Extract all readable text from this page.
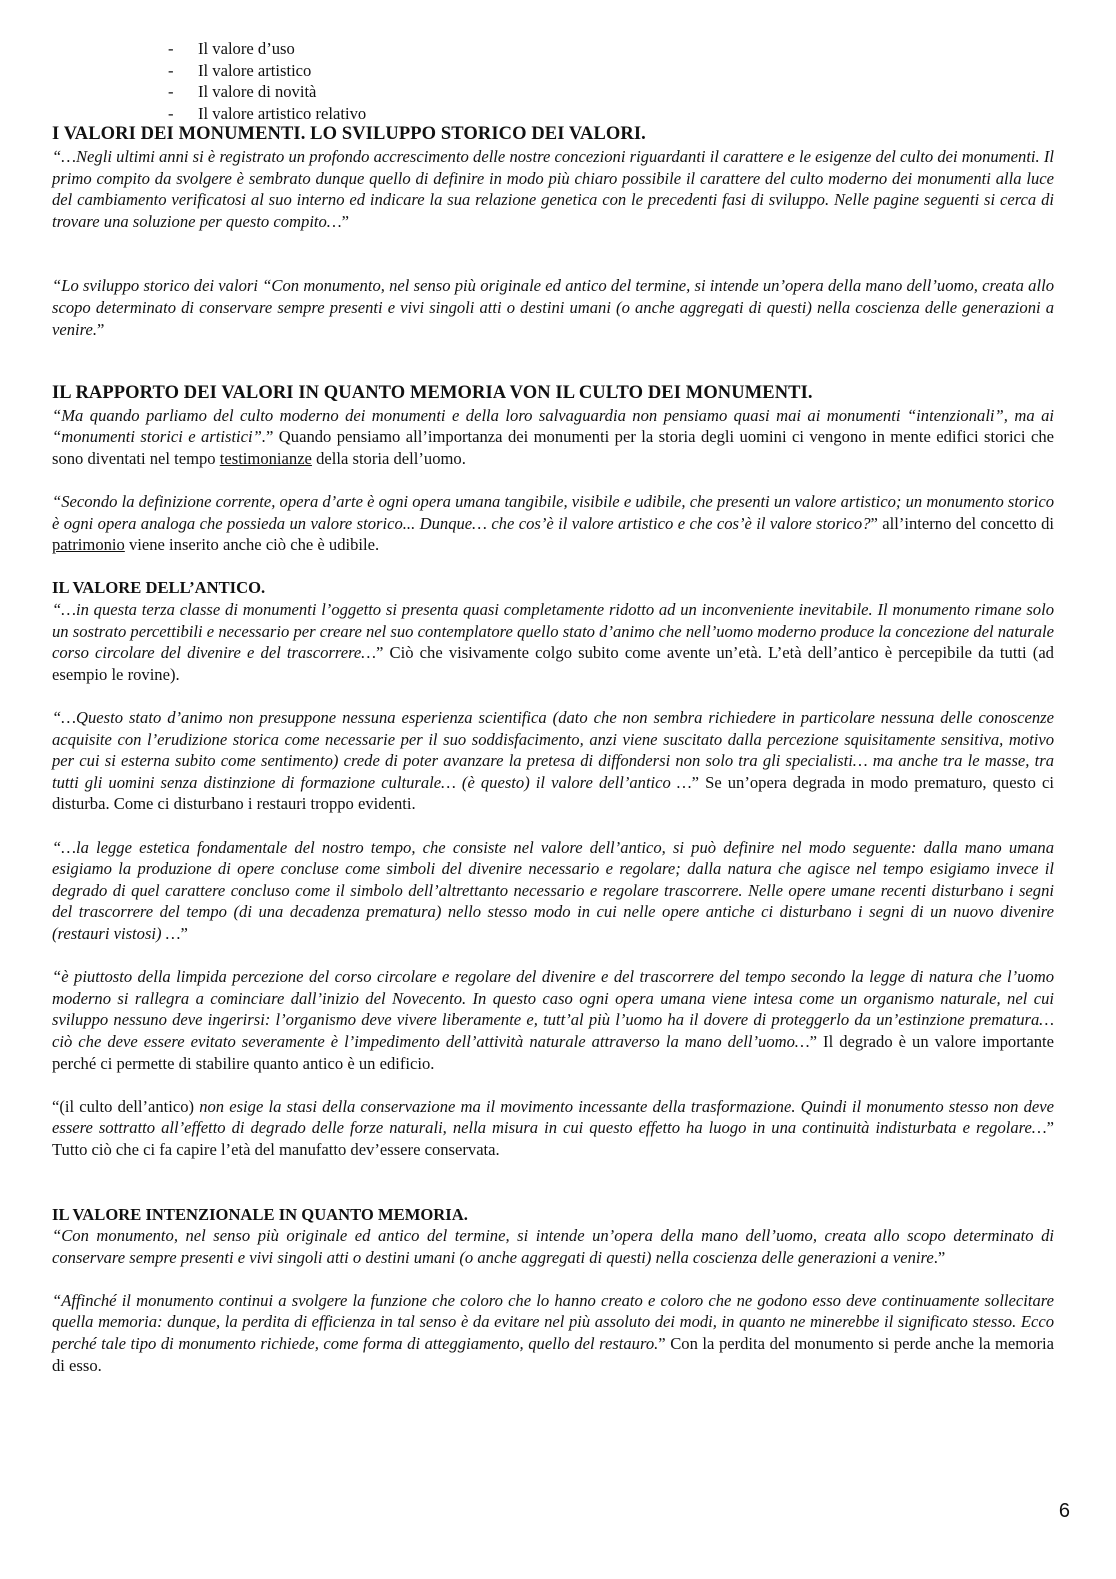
- Il valore d’uso
- Il valore artistico
- Il valore di novità
- Il valore artistico relativo
I VALORI DEI MONUMENTI. LO SVILUPPO STORICO DEI VALORI.

“…Negli ultimi anni si è registrato un profondo accrescimento delle nostre concezioni riguardanti il carattere e le esigenze del culto dei monumenti. Il primo compito da svolgere è sembrato dunque quello di definire in modo più chiaro possibile il carattere del culto moderno dei monumenti alla luce del cambiamento verificatosi al suo interno ed indicare la sua relazione genetica con le precedenti fasi di sviluppo. Nelle pagine seguenti si cerca di trovare una soluzione per questo compito…”

“Lo sviluppo storico dei valori “Con monumento, nel senso più originale ed antico del termine, si intende un’opera della mano dell’uomo, creata allo scopo determinato di conservare sempre presenti e vivi singoli atti o destini umani (o anche aggregati di questi) nella coscienza delle generazioni a venire.”

IL RAPPORTO DEI VALORI IN QUANTO MEMORIA VON IL CULTO DEI MONUMENTI.

“Ma quando parliamo del culto moderno dei monumenti e della loro salvaguardia non pensiamo quasi mai ai monumenti “intenzionali”, ma ai “monumenti storici e artistici”.” Quando pensiamo all’importanza dei monumenti per la storia degli uomini ci vengono in mente edifici storici che sono diventati nel tempo testimonianze della storia dell’uomo.

“Secondo la definizione corrente, opera d’arte è ogni opera umana tangibile, visibile e udibile, che presenti un valore artistico; un monumento storico è ogni opera analoga che possieda un valore storico... Dunque… che cos’è il valore artistico e che cos’è il valore storico?” all’interno del concetto di patrimonio viene inserito anche ciò che è udibile.

IL VALORE DELL’ANTICO.

“…in questa terza classe di monumenti l’oggetto si presenta quasi completamente ridotto ad un inconveniente inevitabile. Il monumento rimane solo un sostrato percettibili e necessario per creare nel suo contemplatore quello stato d’animo che nell’uomo moderno produce la concezione del naturale corso circolare del divenire e del trascorrere…” Ciò che visivamente colgo subito come avente un’età. L’età dell’antico è percepibile da tutti (ad esempio le rovine).

“…Questo stato d’animo non presuppone nessuna esperienza scientifica (dato che non sembra richiedere in particolare nessuna delle conoscenze acquisite con l’erudizione storica come necessarie per il suo soddisfacimento, anzi viene suscitato dalla percezione squisitamente sensitiva, motivo per cui si esterna subito come sentimento) crede di poter avanzare la pretesa di diffondersi non solo tra gli specialisti… ma anche tra le masse, tra tutti gli uomini senza distinzione di formazione culturale… (è questo) il valore dell’antico …” Se un’opera degrada in modo prematuro, questo ci disturba. Come ci disturbano i restauri troppo evidenti.

“…la legge estetica fondamentale del nostro tempo, che consiste nel valore dell’antico, si può definire nel modo seguente: dalla mano umana esigiamo la produzione di opere concluse come simboli del divenire necessario e regolare; dalla natura che agisce nel tempo esigiamo invece il degrado di quel carattere concluso come il simbolo dell’altrettanto necessario e regolare trascorrere. Nelle opere umane recenti disturbano i segni del trascorrere del tempo (di una decadenza prematura) nello stesso modo in cui nelle opere antiche ci disturbano i segni di un nuovo divenire (restauri vistosi) …”

“è piuttosto della limpida percezione del corso circolare e regolare del divenire e del trascorrere del tempo secondo la legge di natura che l’uomo moderno si rallegra a cominciare dall’inizio del Novecento. In questo caso ogni opera umana viene intesa come un organismo naturale, nel cui sviluppo nessuno deve ingerirsi: l’organismo deve vivere liberamente e, tutt’al più l’uomo ha il dovere di proteggerlo da un’estinzione prematura… ciò che deve essere evitato severamente è l’impedimento dell’attività naturale attraverso la mano dell’uomo…” Il degrado è un valore importante perché ci permette di stabilire quanto antico è un edificio.

“(il culto dell’antico) non esige la stasi della conservazione ma il movimento incessante della trasformazione. Quindi il monumento stesso non deve essere sottratto all’effetto di degrado delle forze naturali, nella misura in cui questo effetto ha luogo in una continuità indisturbata e regolare…” Tutto ciò che ci fa capire l’età del manufatto dev’essere conservata.

IL VALORE INTENZIONALE IN QUANTO MEMORIA.

“Con monumento, nel senso più originale ed antico del termine, si intende un’opera della mano dell’uomo, creata allo scopo determinato di conservare sempre presenti e vivi singoli atti o destini umani (o anche aggregati di questi) nella coscienza delle generazioni a venire.”

“Affinché il monumento continui a svolgere la funzione che coloro che lo hanno creato e coloro che ne godono esso deve continuamente sollecitare quella memoria: dunque, la perdita di efficienza in tal senso è da evitare nel più assoluto dei modi, in quanto ne minerebbe il significato stesso. Ecco perché tale tipo di monumento richiede, come forma di atteggiamento, quello del restauro.” Con la perdita del monumento si perde anche la memoria di esso.

6
